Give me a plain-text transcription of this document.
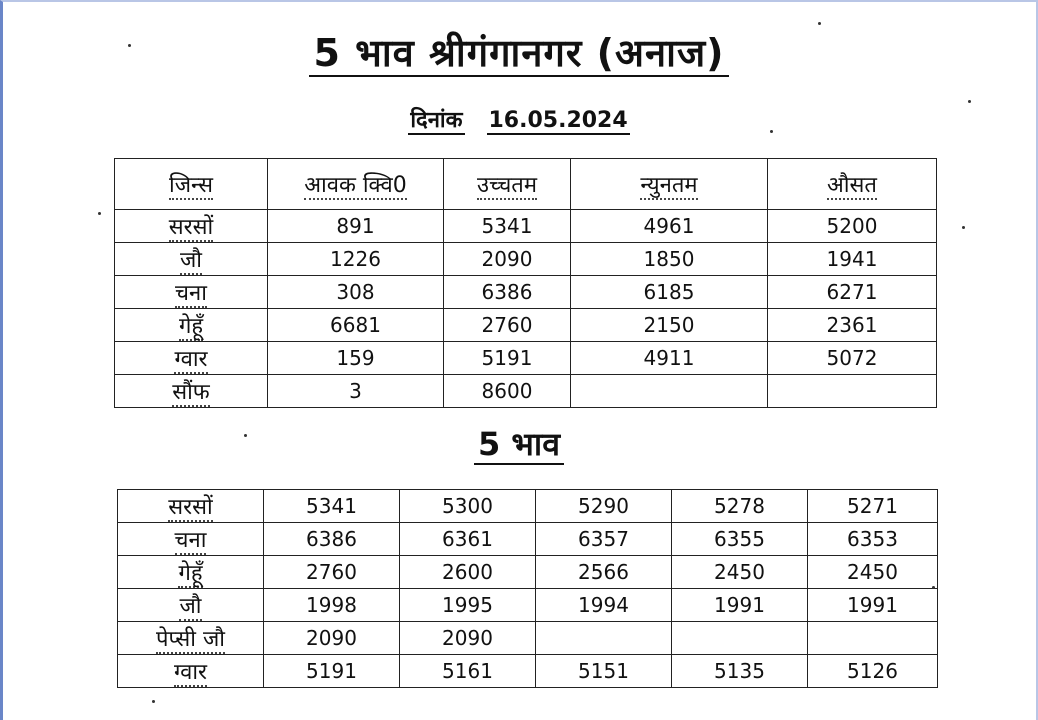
5 भाव श्रीगंगानगर (अनाज)
दिनांक 16.05.2024
जिन्स	आवक क्वि0	उच्चतम	न्युनतम	औसत
सरसों	891	5341	4961	5200
जौ	1226	2090	1850	1941
चना	308	6386	6185	6271
गेहूँ	6681	2760	2150	2361
ग्वार	159	5191	4911	5072
सौंफ	3	8600		
5 भाव
सरसों	5341	5300	5290	5278	5271
चना	6386	6361	6357	6355	6353
गेहूँ	2760	2600	2566	2450	2450
जौ	1998	1995	1994	1991	1991
पेप्सी जौ	2090	2090			
ग्वार	5191	5161	5151	5135	5126
